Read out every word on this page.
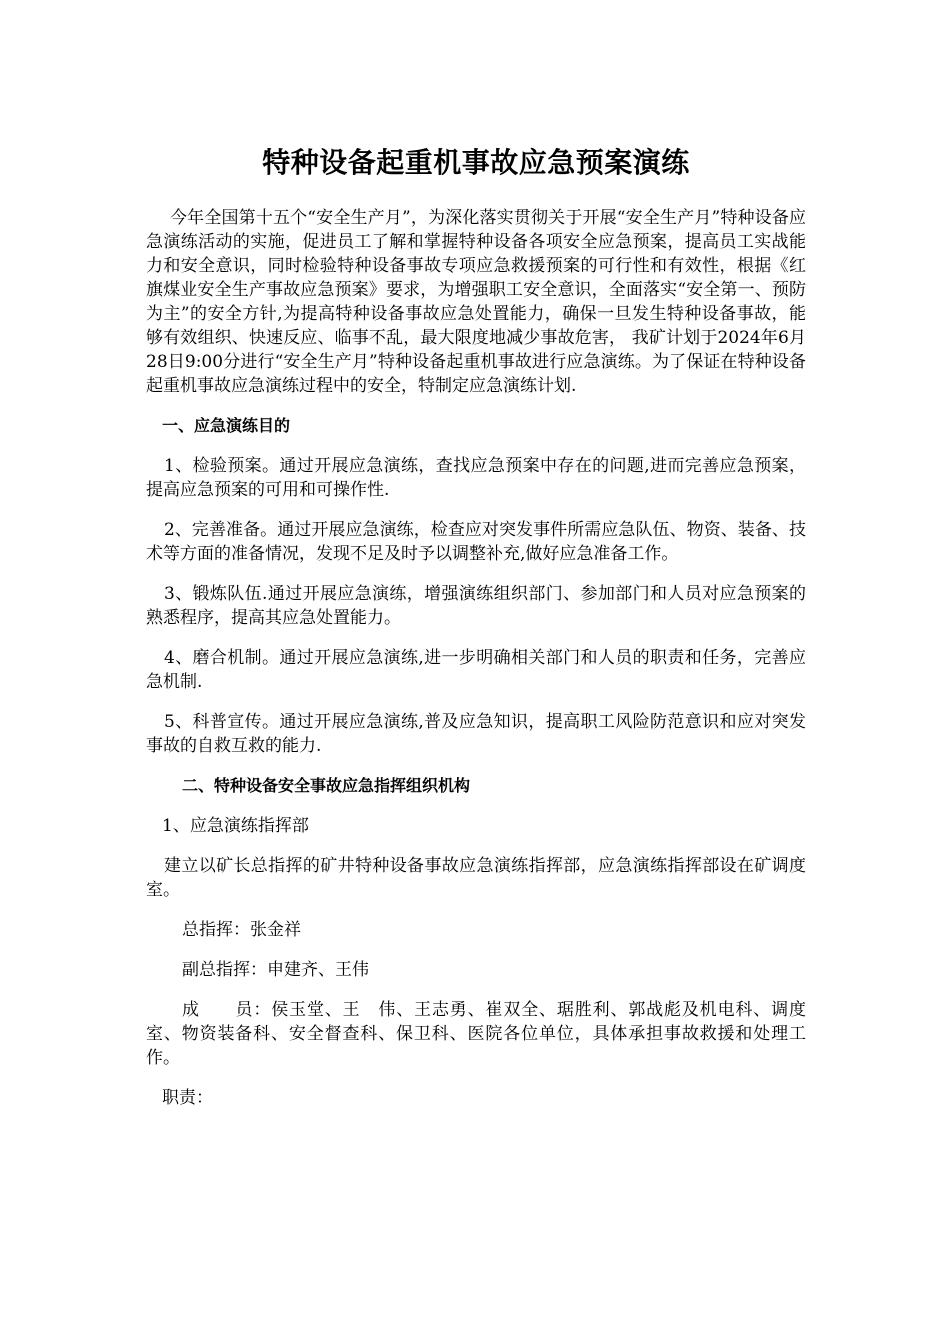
特种设备起重机事故应急预案演练

今年全国第十五个“安全生产月”，为深化落实贯彻关于开展“安全生产月”特种设备应急演练活动的实施，促进员工了解和掌握特种设备各项安全应急预案，提高员工实战能力和安全意识，同时检验特种设备事故专项应急救援预案的可行性和有效性，根据《红旗煤业安全生产事故应急预案》要求，为增强职工安全意识，全面落实“安全第一、预防为主”的安全方针,为提高特种设备事故应急处置能力，确保一旦发生特种设备事故，能够有效组织、快速反应、临事不乱，最大限度地减少事故危害， 我矿计划于2024年6月28日9:00分进行“安全生产月”特种设备起重机事故进行应急演练。为了保证在特种设备起重机事故应急演练过程中的安全，特制定应急演练计划.

一、应急演练目的

1、检验预案。通过开展应急演练，查找应急预案中存在的问题,进而完善应急预案，提高应急预案的可用和可操作性.

2、完善准备。通过开展应急演练，检查应对突发事件所需应急队伍、物资、装备、技术等方面的准备情况，发现不足及时予以调整补充,做好应急准备工作。

3、锻炼队伍.通过开展应急演练，增强演练组织部门、参加部门和人员对应急预案的熟悉程序，提高其应急处置能力。

4、磨合机制。通过开展应急演练,进一步明确相关部门和人员的职责和任务，完善应急机制.

5、科普宣传。通过开展应急演练,普及应急知识，提高职工风险防范意识和应对突发事故的自救互救的能力.

二、特种设备安全事故应急指挥组织机构

1、应急演练指挥部

建立以矿长总指挥的矿井特种设备事故应急演练指挥部，应急演练指挥部设在矿调度室。

总指挥：张金祥

副总指挥：申建齐、王伟

成　　员：侯玉堂、王　伟、王志勇、崔双全、琚胜利、郭战彪及机电科、调度室、物资装备科、安全督查科、保卫科、医院各位单位，具体承担事故救援和处理工作。

职责：
